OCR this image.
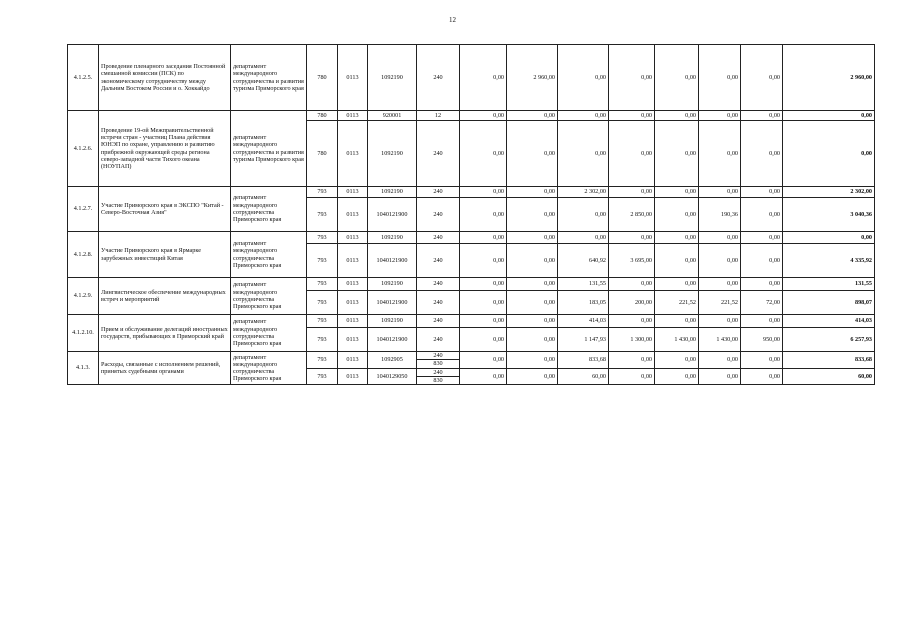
12
4.1.2.5.	Проведение пленарного заседания Постоянной смешанной комиссии (ПСК) по экономическому сотрудничеству между Дальним Востоком России и о. Хоккайдо	департамент международного сотрудничества и развития туризма Приморского края	780	0113	1092190	240	0,00	2 960,00	0,00	0,00	0,00	0,00	0,00	2 960,00
4.1.2.6.	Проведение 19-ой Межправительственной встречи стран - участниц Плана действия ЮНЭП по охране, управлению и развитию прибрежной окружающей среды региона северо-западной части Тихого океана (НОУПАП)	департамент международного сотрудничества и развития туризма Приморского края	780	0113	920001	12	0,00	0,00	0,00	0,00	0,00	0,00	0,00	0,00
			780	0113	1092190	240	0,00	0,00	0,00	0,00	0,00	0,00	0,00	0,00
4.1.2.7.	Участие Приморского края в ЭКСПО "Китай - Северо-Восточная Азия"	департамент международного сотрудничества Приморского края	793	0113	1092190	240	0,00	0,00	2 302,00	0,00	0,00	0,00	0,00	2 302,00
			793	0113	1040121900	240	0,00	0,00	0,00	2 850,00	0,00	190,36	0,00	3 040,36
4.1.2.8.	Участие Приморского края в Ярмарке зарубежных инвестиций Китая	департамент международного сотрудничества Приморского края	793	0113	1092190	240	0,00	0,00	0,00	0,00	0,00	0,00	0,00	0,00
			793	0113	1040121900	240	0,00	0,00	640,92	3 695,00	0,00	0,00	0,00	4 335,92
4.1.2.9.	Лингвистическое обеспечение международных встреч и мероприятий	департамент международного сотрудничества Приморского края	793	0113	1092190	240	0,00	0,00	131,55	0,00	0,00	0,00	0,00	131,55
			793	0113	1040121900	240	0,00	0,00	183,05	200,00	221,52	221,52	72,00	898,07
4.1.2.10.	Прием и обслуживание делегаций иностранных государств, прибывающих в Приморский край	департамент международного сотрудничества Приморского края	793	0113	1092190	240	0,00	0,00	414,03	0,00	0,00	0,00	0,00	414,03
			793	0113	1040121900	240	0,00	0,00	1 147,93	1 300,00	1 430,00	1 430,00	950,00	6 257,93
4.1.3.	Расходы, связанные с исполнением решений, принятых судебными органами	департамент международного сотрудничества Приморского края	793	0113	1092905	240	0,00	0,00	833,68	0,00	0,00	0,00	0,00	833,68
						830								
			793	0113	1040129050	240	0,00	0,00	60,00	0,00	0,00	0,00	0,00	60,00
						830								
